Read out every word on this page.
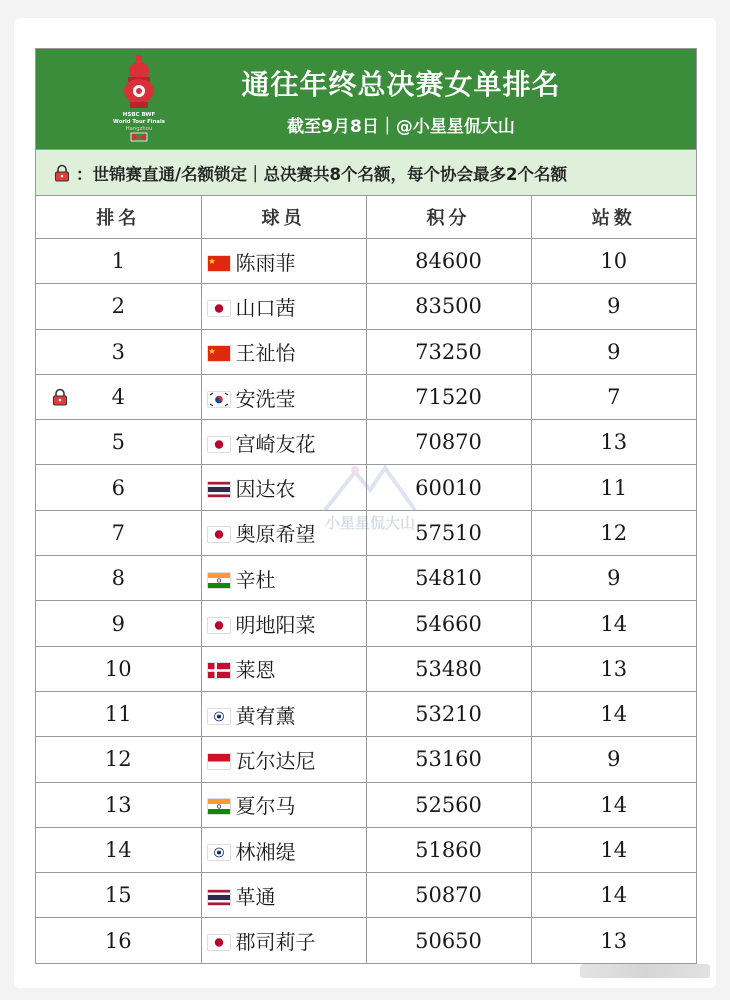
HSBC BWF
World Tour Finals
Hangzhou
通往年终总决赛女单排名
截至9月8日｜@小星星侃大山
：世锦赛直通/名额锁定｜总决赛共8个名额，每个协会最多2个名额
排名	球员	积分	站数
1	陈雨菲	84600	10
2	山口茜	83500	9
3	王祉怡	73250	9

4	安洗莹	71520	7
5	宫崎友花	70870	13
6	因达农	60010	11
7	奥原希望	57510	12
8	辛杜	54810	9
9	明地阳菜	54660	14
10	莱恩	53480	13
11	黄宥薰	53210	14
12	瓦尔达尼	53160	9
13	夏尔马	52560	14
14	林湘缇	51860	14
15	革通	50870	14
16	郡司莉子	50650	13
小星星侃大山
